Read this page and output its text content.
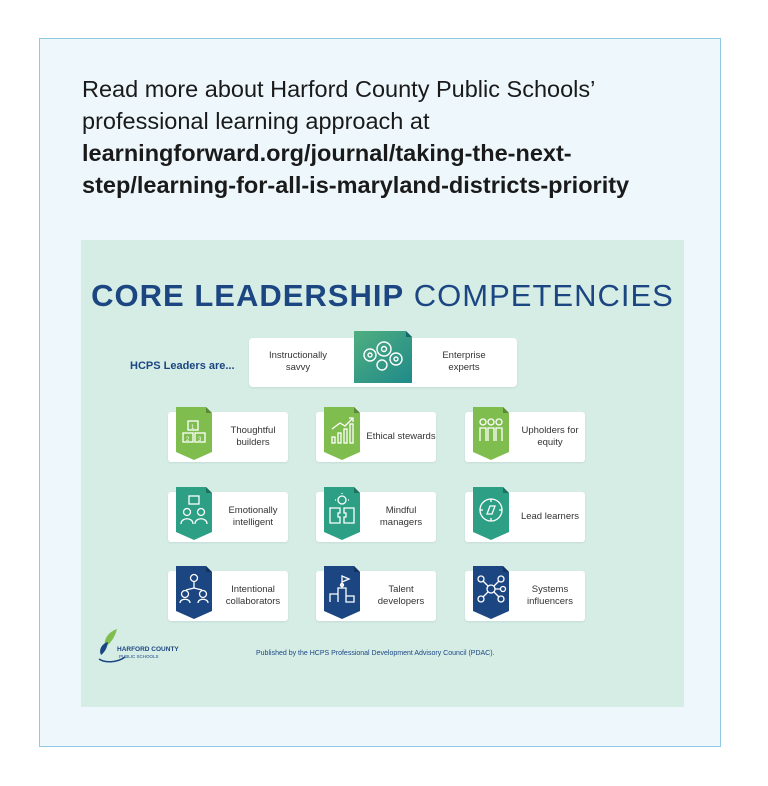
Read more about Harford County Public Schools’ professional learning approach at learningforward.org/journal/taking-the-next-step/learning-for-all-is-maryland-districts-priority

CORE LEADERSHIP COMPETENCIES
HCPS Leaders are...
Instructionally savvy
Enterprise experts
1
2 3
Thoughtful builders
Ethical stewards
Upholders for equity
Emotionally intelligent
Mindful managers
Lead learners
Intentional collaborators
Talent developers
Systems influencers
HARFORD COUNTY
PUBLIC SCHOOLS	Published by the HCPS Professional Development Advisory Council (PDAC).
